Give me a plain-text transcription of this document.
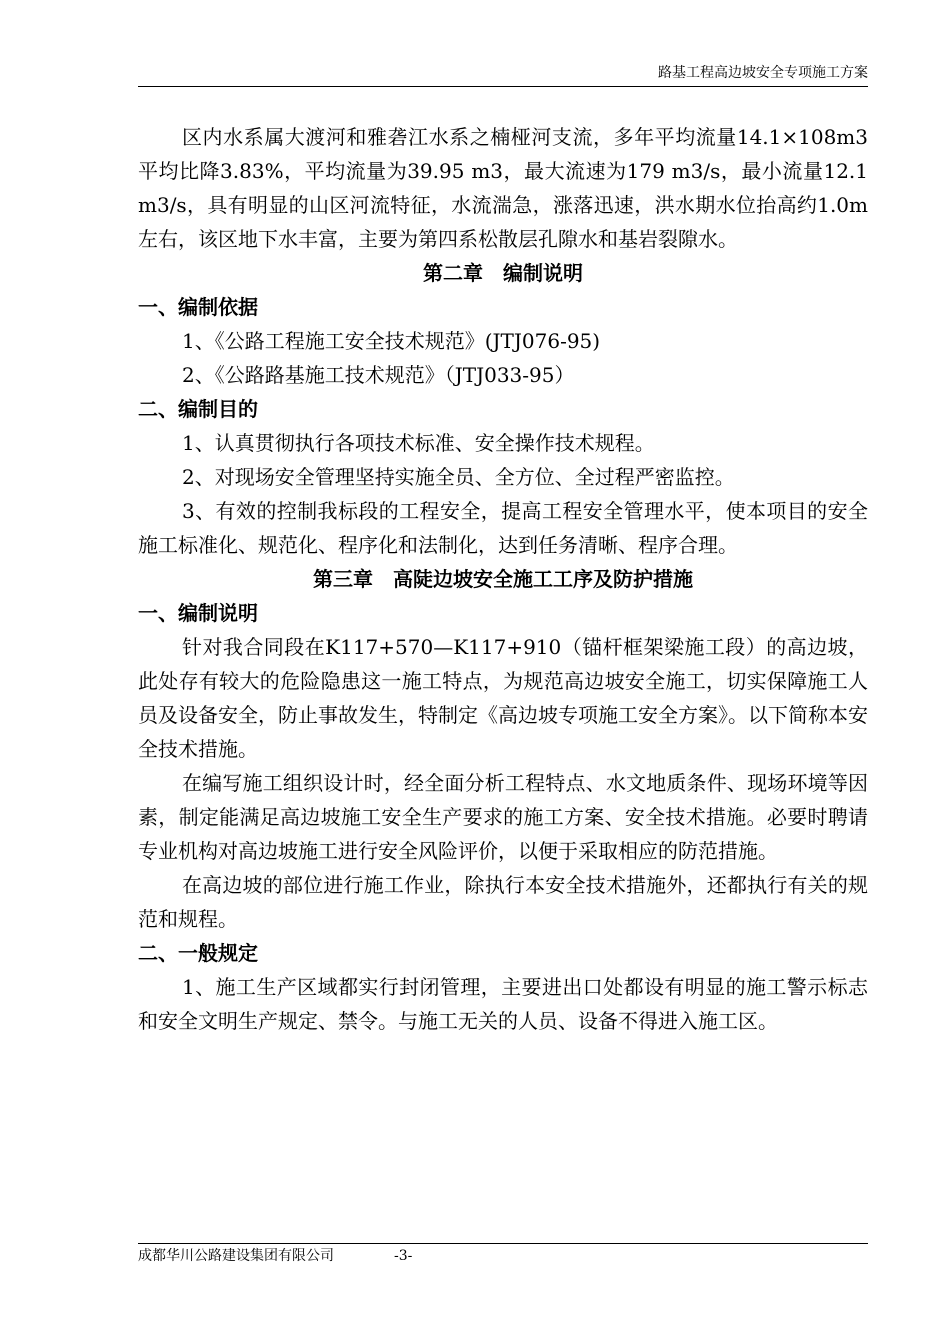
路基工程高边坡安全专项施工方案

区内水系属大渡河和雅砻江水系之楠桠河支流，多年平均流量14.1×108m3平均比降3.83%，平均流量为39.95 m3，最大流速为179 m3/s，最小流量12.1 m3/s，具有明显的山区河流特征，水流湍急，涨落迅速，洪水期水位抬高约1.0m左右，该区地下水丰富，主要为第四系松散层孔隙水和基岩裂隙水。

第二章　编制说明

一、编制依据

1、《公路工程施工安全技术规范》(JTJ076-95)

2、《公路路基施工技术规范》（JTJ033-95）

二、编制目的

1、认真贯彻执行各项技术标准、安全操作技术规程。

2、对现场安全管理坚持实施全员、全方位、全过程严密监控。

3、有效的控制我标段的工程安全，提高工程安全管理水平，使本项目的安全施工标准化、规范化、程序化和法制化，达到任务清晰、程序合理。

第三章　高陡边坡安全施工工序及防护措施

一、编制说明

针对我合同段在K117+570—K117+910（锚杆框架梁施工段）的高边坡，此处存有较大的危险隐患这一施工特点，为规范高边坡安全施工，切实保障施工人员及设备安全，防止事故发生，特制定《高边坡专项施工安全方案》。以下简称本安全技术措施。

在编写施工组织设计时，经全面分析工程特点、水文地质条件、现场环境等因素，制定能满足高边坡施工安全生产要求的施工方案、安全技术措施。必要时聘请专业机构对高边坡施工进行安全风险评价，以便于采取相应的防范措施。

在高边坡的部位进行施工作业，除执行本安全技术措施外，还都执行有关的规范和规程。

二、一般规定

1、施工生产区域都实行封闭管理，主要进出口处都设有明显的施工警示标志和安全文明生产规定、禁令。与施工无关的人员、设备不得进入施工区。

成都华川公路建设集团有限公司	-3-
